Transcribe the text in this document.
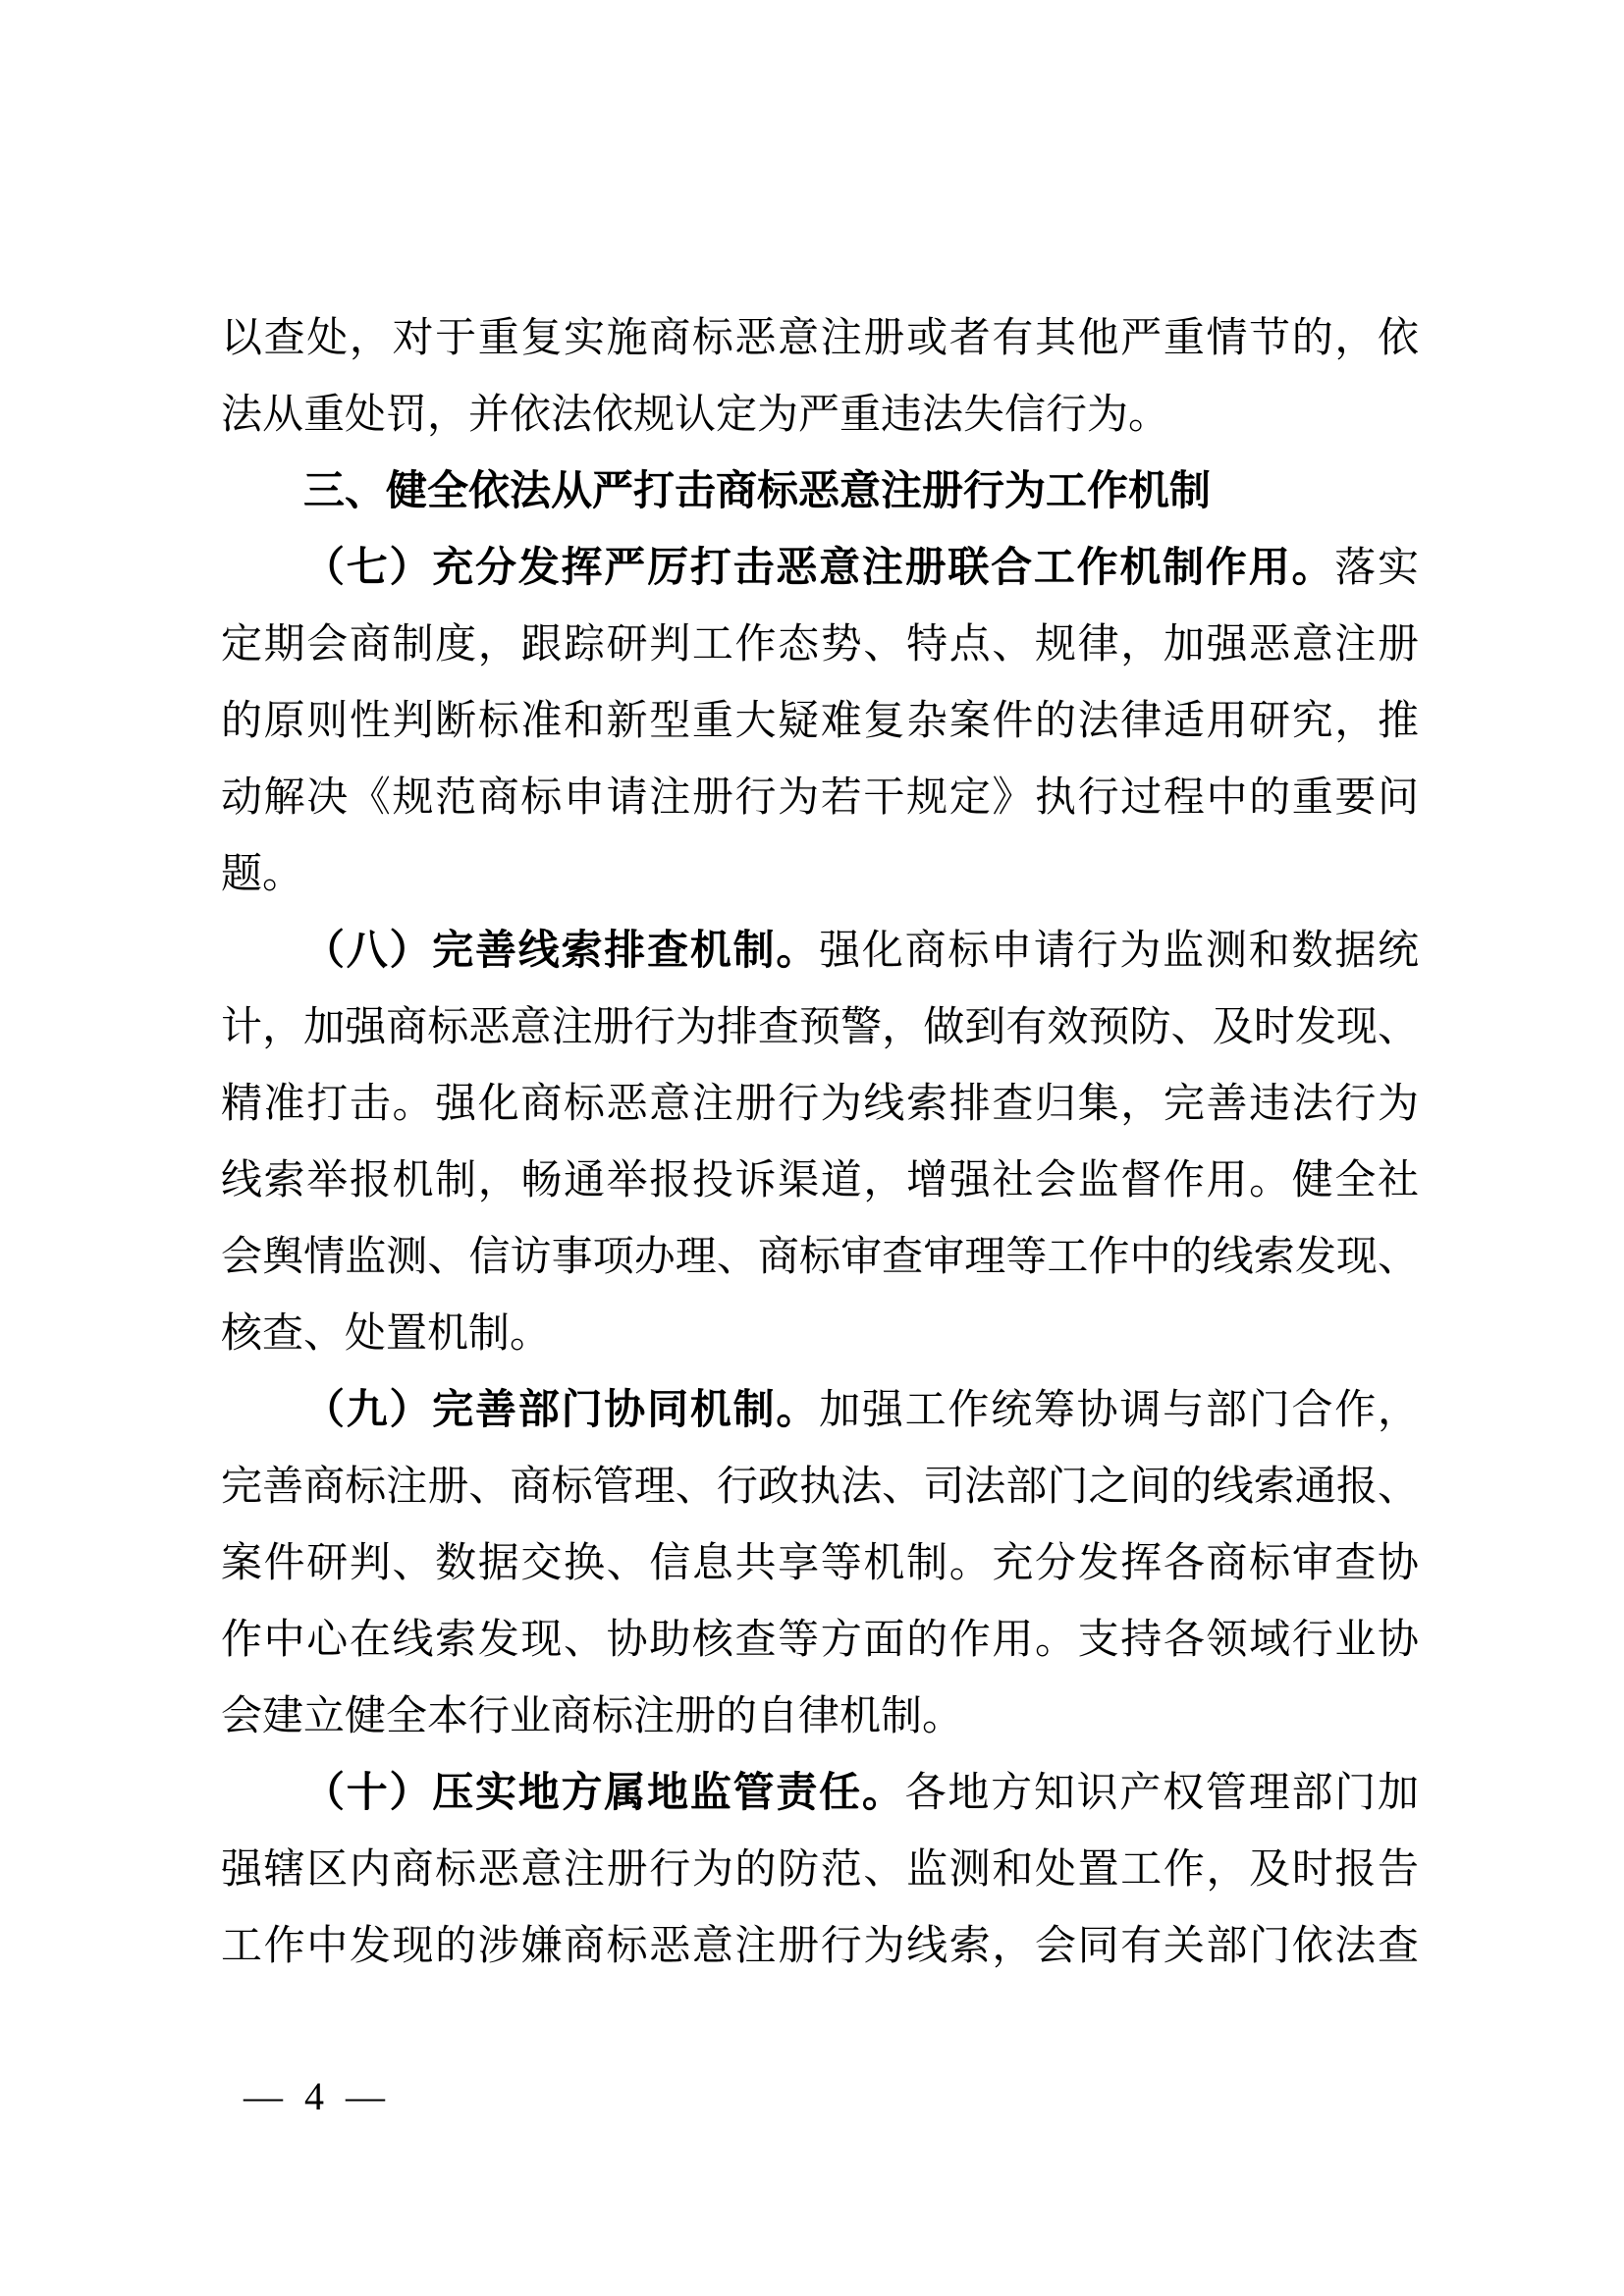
以查处，对于重复实施商标恶意注册或者有其他严重情节的，依
法从重处罚，并依法依规认定为严重违法失信行为。
三、健全依法从严打击商标恶意注册行为工作机制
（七）充分发挥严厉打击恶意注册联合工作机制作用。落实
定期会商制度，跟踪研判工作态势、特点、规律，加强恶意注册
的原则性判断标准和新型重大疑难复杂案件的法律适用研究，推
动解决《规范商标申请注册行为若干规定》执行过程中的重要问
题。
（八）完善线索排查机制。强化商标申请行为监测和数据统
计，加强商标恶意注册行为排查预警，做到有效预防、及时发现、
精准打击。强化商标恶意注册行为线索排查归集，完善违法行为
线索举报机制，畅通举报投诉渠道，增强社会监督作用。健全社
会舆情监测、信访事项办理、商标审查审理等工作中的线索发现、
核查、处置机制。
（九）完善部门协同机制。加强工作统筹协调与部门合作，
完善商标注册、商标管理、行政执法、司法部门之间的线索通报、
案件研判、数据交换、信息共享等机制。充分发挥各商标审查协
作中心在线索发现、协助核查等方面的作用。支持各领域行业协
会建立健全本行业商标注册的自律机制。
（十）压实地方属地监管责任。各地方知识产权管理部门加
强辖区内商标恶意注册行为的防范、监测和处置工作，及时报告
工作中发现的涉嫌商标恶意注册行为线索，会同有关部门依法查
— 4 —
